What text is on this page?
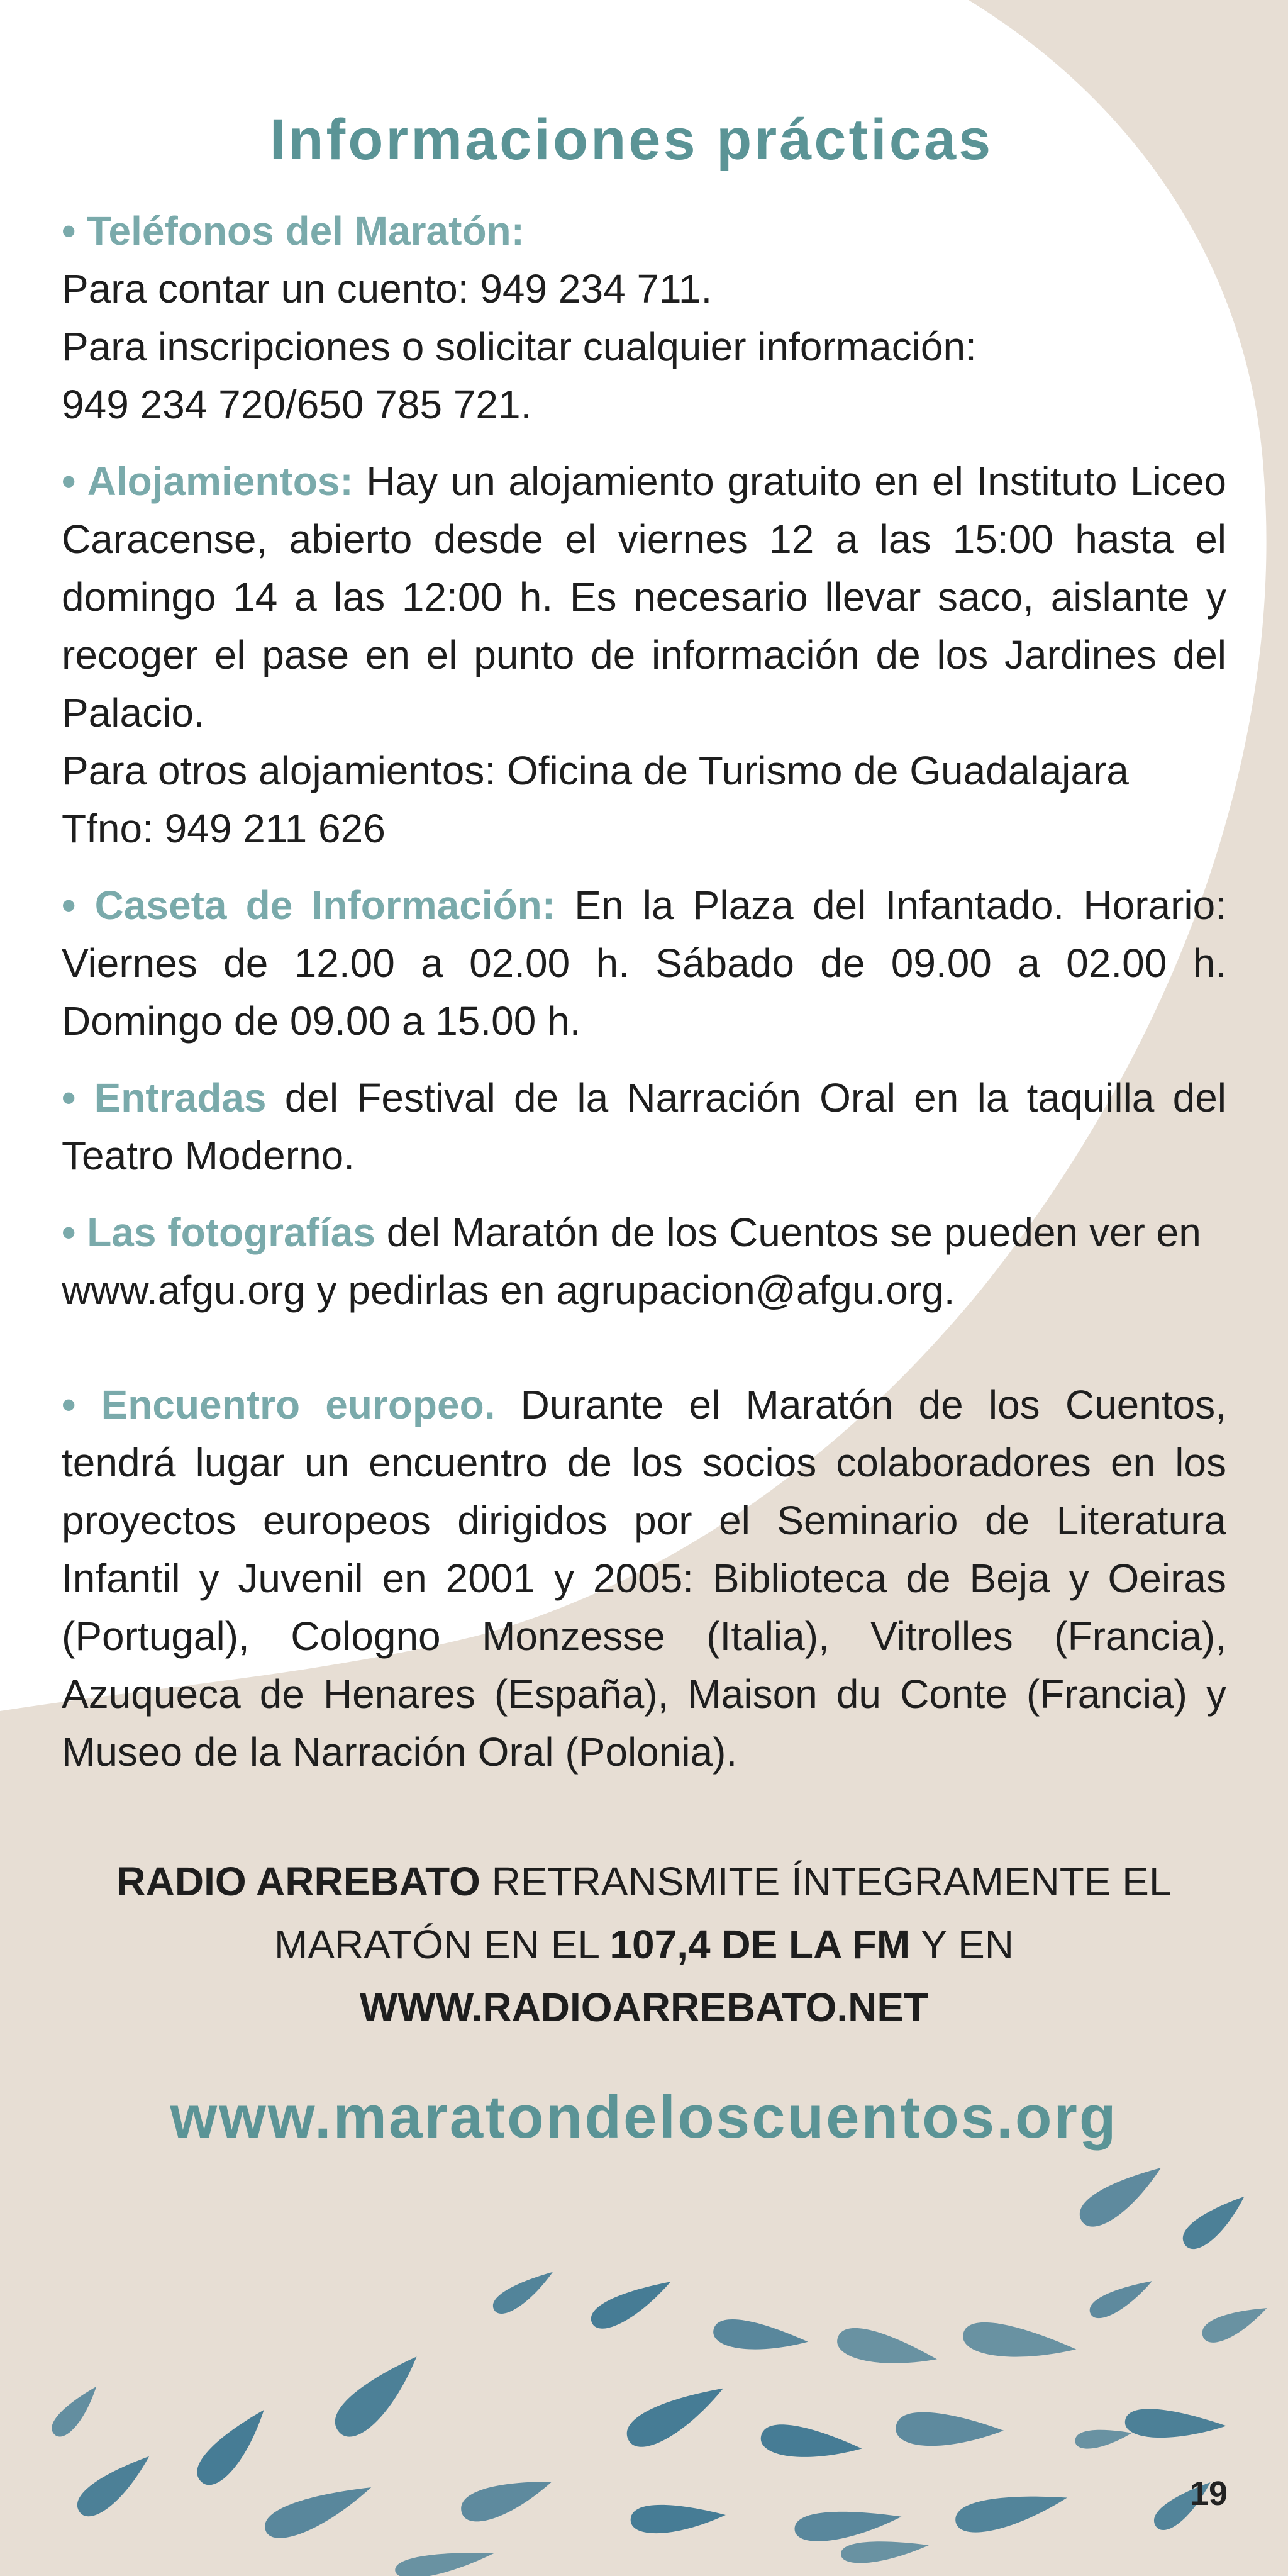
Informaciones prácticas

• Teléfonos del Maratón:

Para contar un cuento: 949 234 711.

Para inscripciones o solicitar cualquier información:

949 234 720/650 785 721.

• Alojamientos: Hay un alojamiento gratuito en el Instituto Liceo Caracense, abierto desde el viernes 12 a las 15:00 hasta el domingo 14 a las 12:00 h. Es necesario llevar saco, aislante y recoger el pase en el punto de información de los Jardines del Palacio.

Para otros alojamientos: Oficina de Turismo de Guadalajara

Tfno: 949 211 626

• Caseta de Información: En la Plaza del Infantado. Horario: Viernes de 12.00 a 02.00 h. Sábado de 09.00 a 02.00 h. Domingo de 09.00 a 15.00 h.

• Entradas del Festival de la Narración Oral en la taquilla del Teatro Moderno.

• Las fotografías del Maratón de los Cuentos se pueden ver en www.afgu.org y pedirlas en agrupacion@afgu.org.

• Encuentro europeo. Durante el Maratón de los Cuentos, tendrá lugar un encuentro de los socios colaboradores en los proyectos europeos dirigidos por el Seminario de Literatura Infantil y Juvenil en 2001 y 2005: Biblioteca de Beja y Oeiras (Portugal), Cologno Monzesse (Italia), Vitrolles (Francia), Azuqueca de Henares (España), Maison du Conte (Francia) y Museo de la Narración Oral (Polonia).

RADIO ARREBATO RETRANSMITE ÍNTEGRAMENTE EL MARATÓN EN EL 107,4 DE LA FM Y EN WWW.RADIOARREBATO.NET
www.maratondeloscuentos.org
19
